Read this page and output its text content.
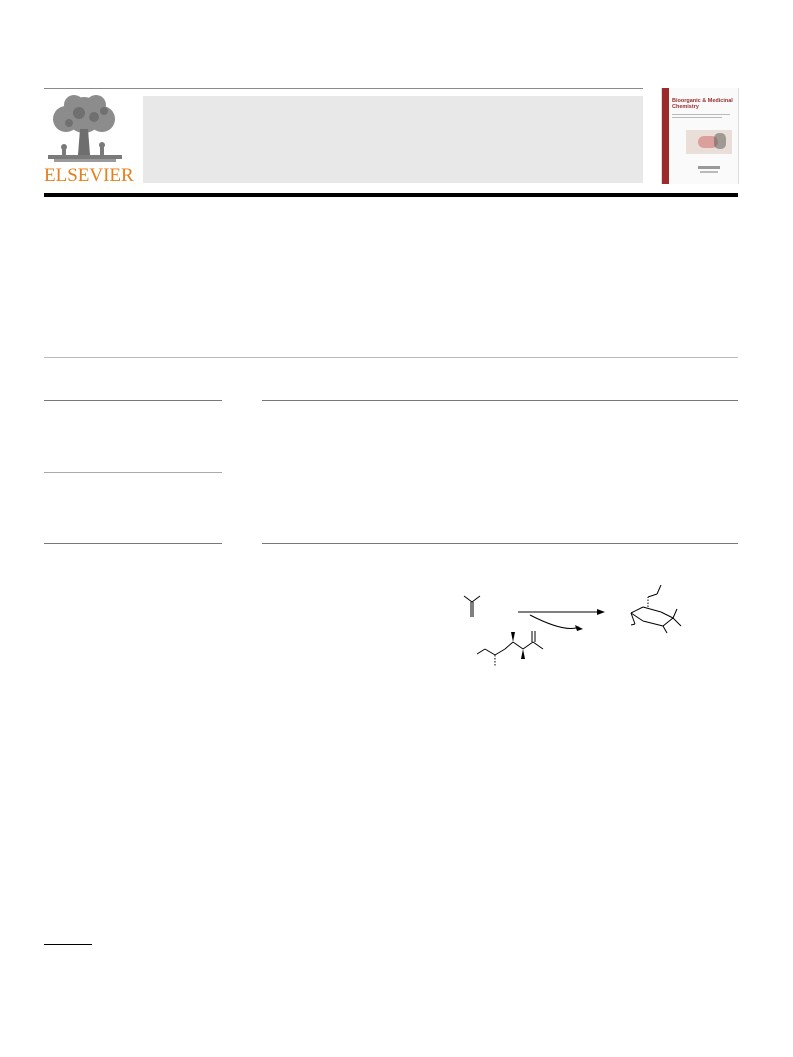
ELSEVIER
Bioorganic & Medicinal Chemistry
